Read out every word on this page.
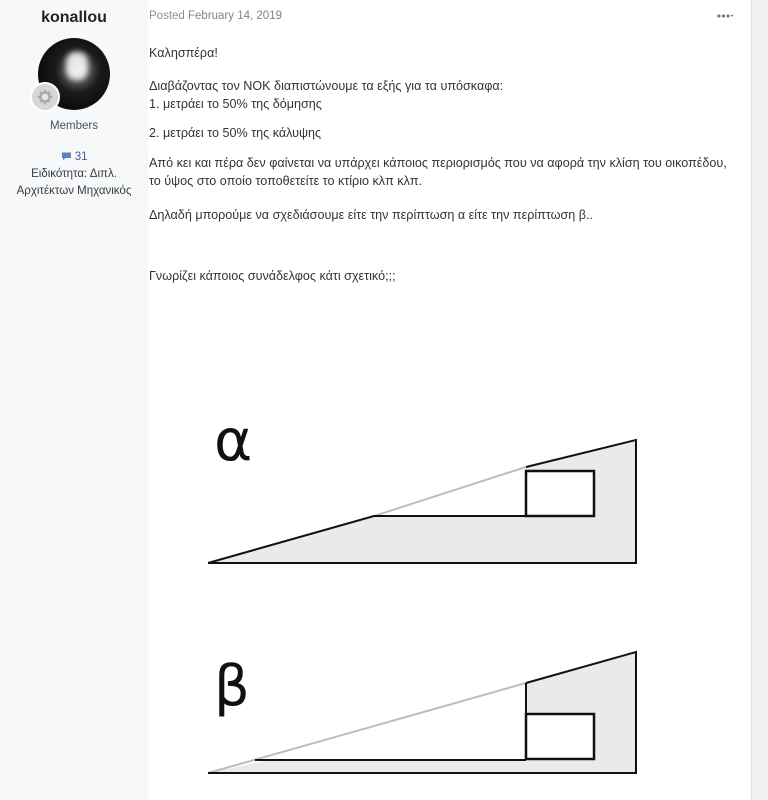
konallou
Members
31
Ειδικότητα: Διπλ. Αρχιτέκτων Μηχανικός
Posted February 14, 2019

Καλησπέρα!

Διαβάζοντας τον ΝΟΚ διαπιστώνουμε τα εξής για τα υπόσκαφα:

1. μετράει το 50% της δόμησης

2. μετράει το 50% της κάλυψης

Από κει και πέρα δεν φαίνεται να υπάρχει κάποιος περιορισμός που να αφορά την κλίση του οικοπέδου,

το ύψος στο οποίο τοποθετείτε το κτίριο κλπ κλπ.

Δηλαδή μπορούμε να σχεδιάσουμε είτε την περίπτωση α είτε την περίπτωση β..

Γνωρίζει κάποιος συνάδελφος κάτι σχετικό;;;

α
β
